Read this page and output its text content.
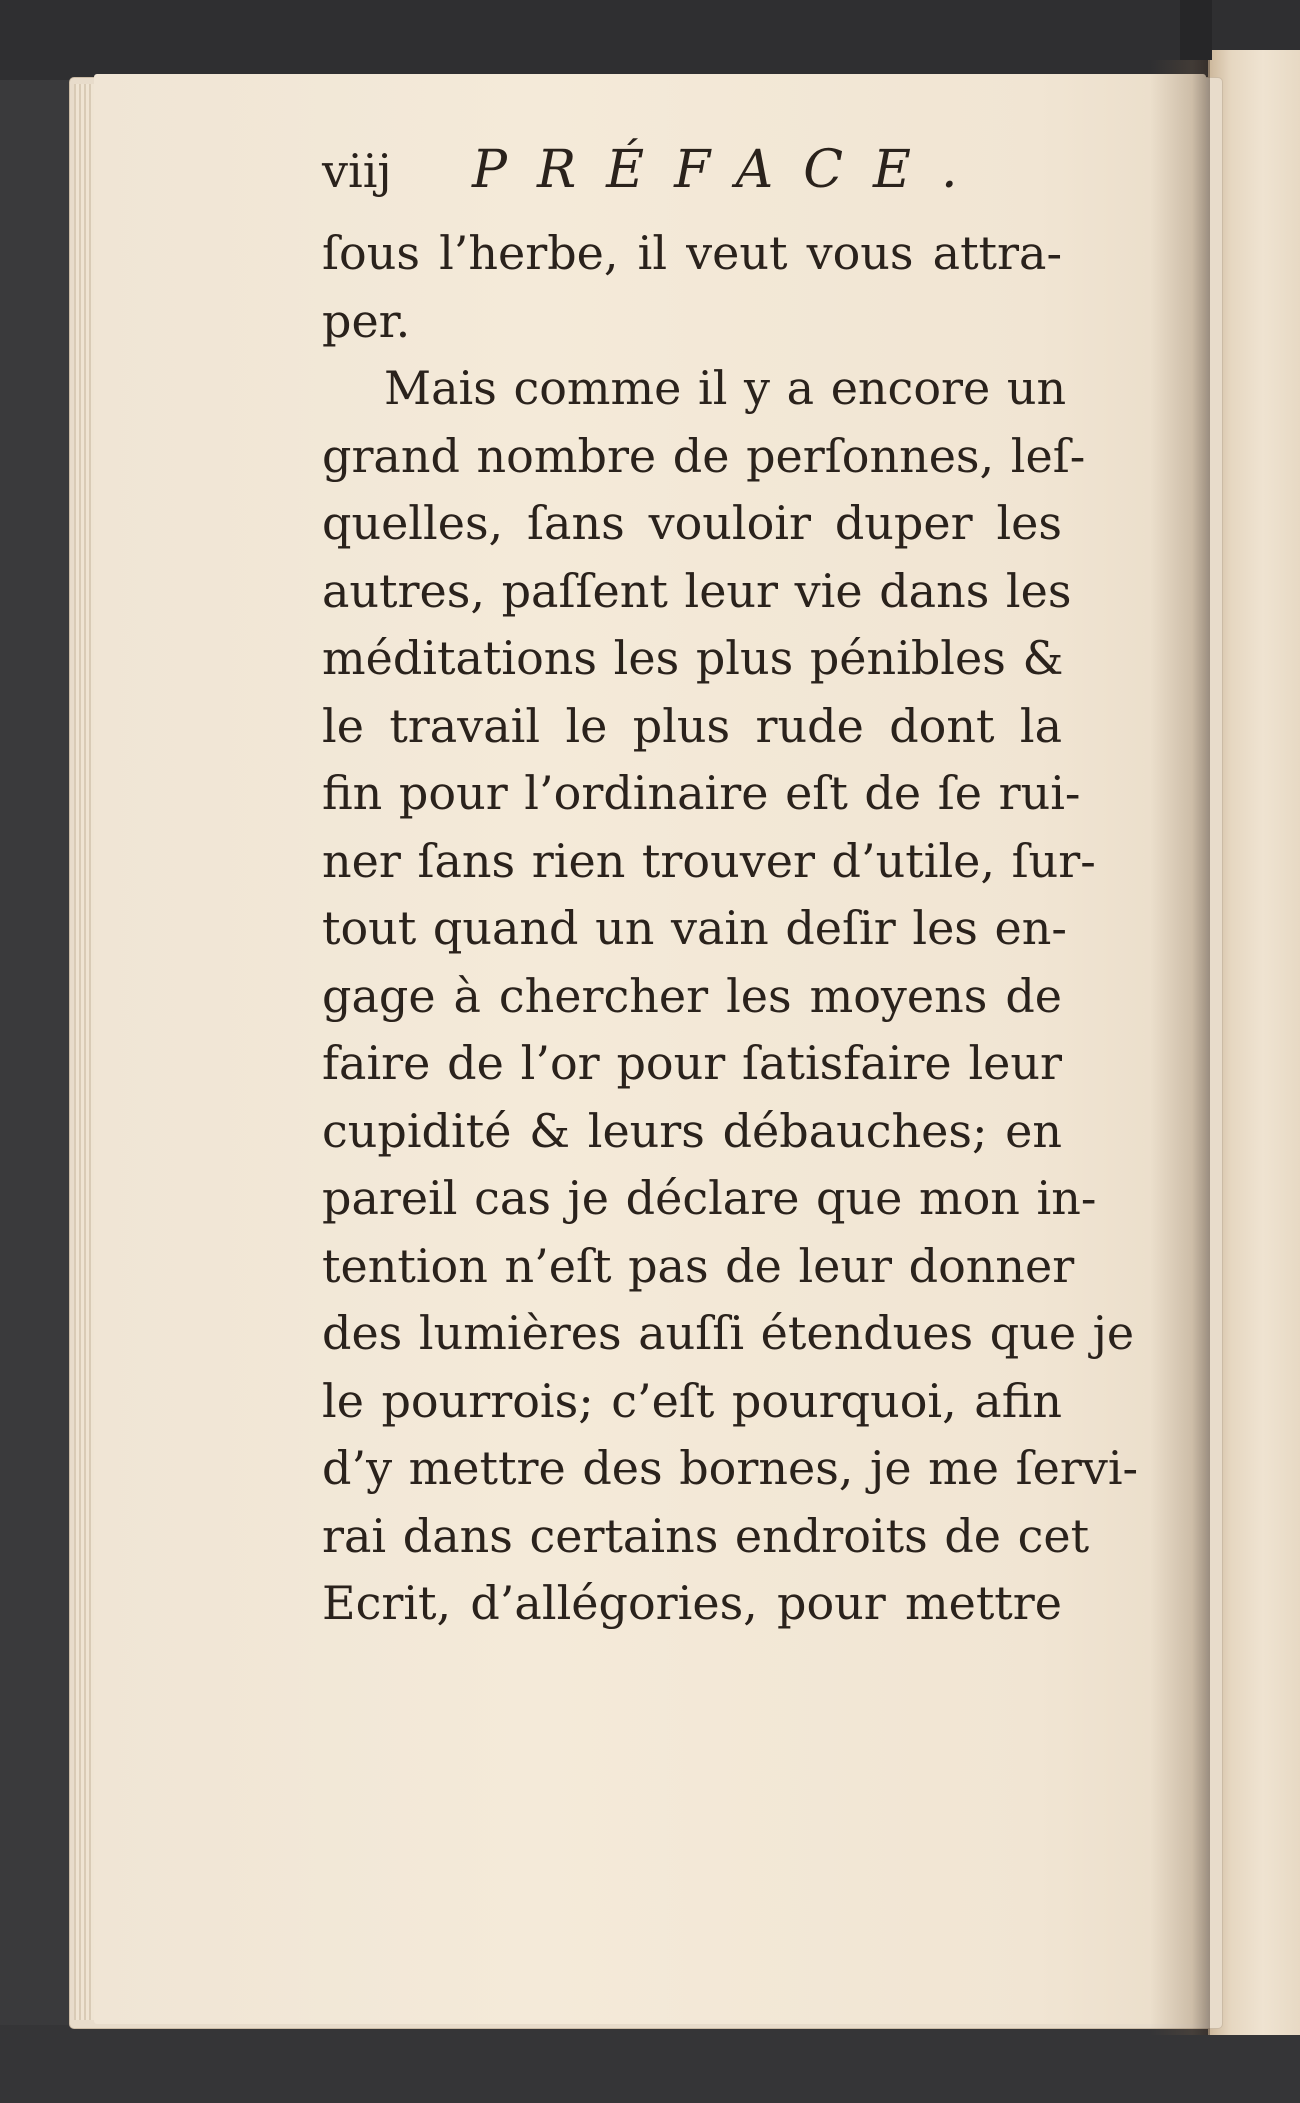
viij	PRÉFACE.
ſous l’herbe, il veut vous attra-
per.
Mais comme il y a encore un
grand nombre de perſonnes, leſ-
quelles, ſans vouloir duper les
autres, paſſent leur vie dans les
méditations les plus pénibles &
le travail le plus rude dont la
fin pour l’ordinaire eſt de ſe rui-
ner ſans rien trouver d’utile, ſur-
tout quand un vain deſir les en-
gage à chercher les moyens de
faire de l’or pour ſatisfaire leur
cupidité & leurs débauches; en
pareil cas je déclare que mon in-
tention n’eſt pas de leur donner
des lumières auſſi étendues que je
le pourrois; c’eſt pourquoi, afin
d’y mettre des bornes, je me ſervi-
rai dans certains endroits de cet
Ecrit, d’allégories, pour mettre
